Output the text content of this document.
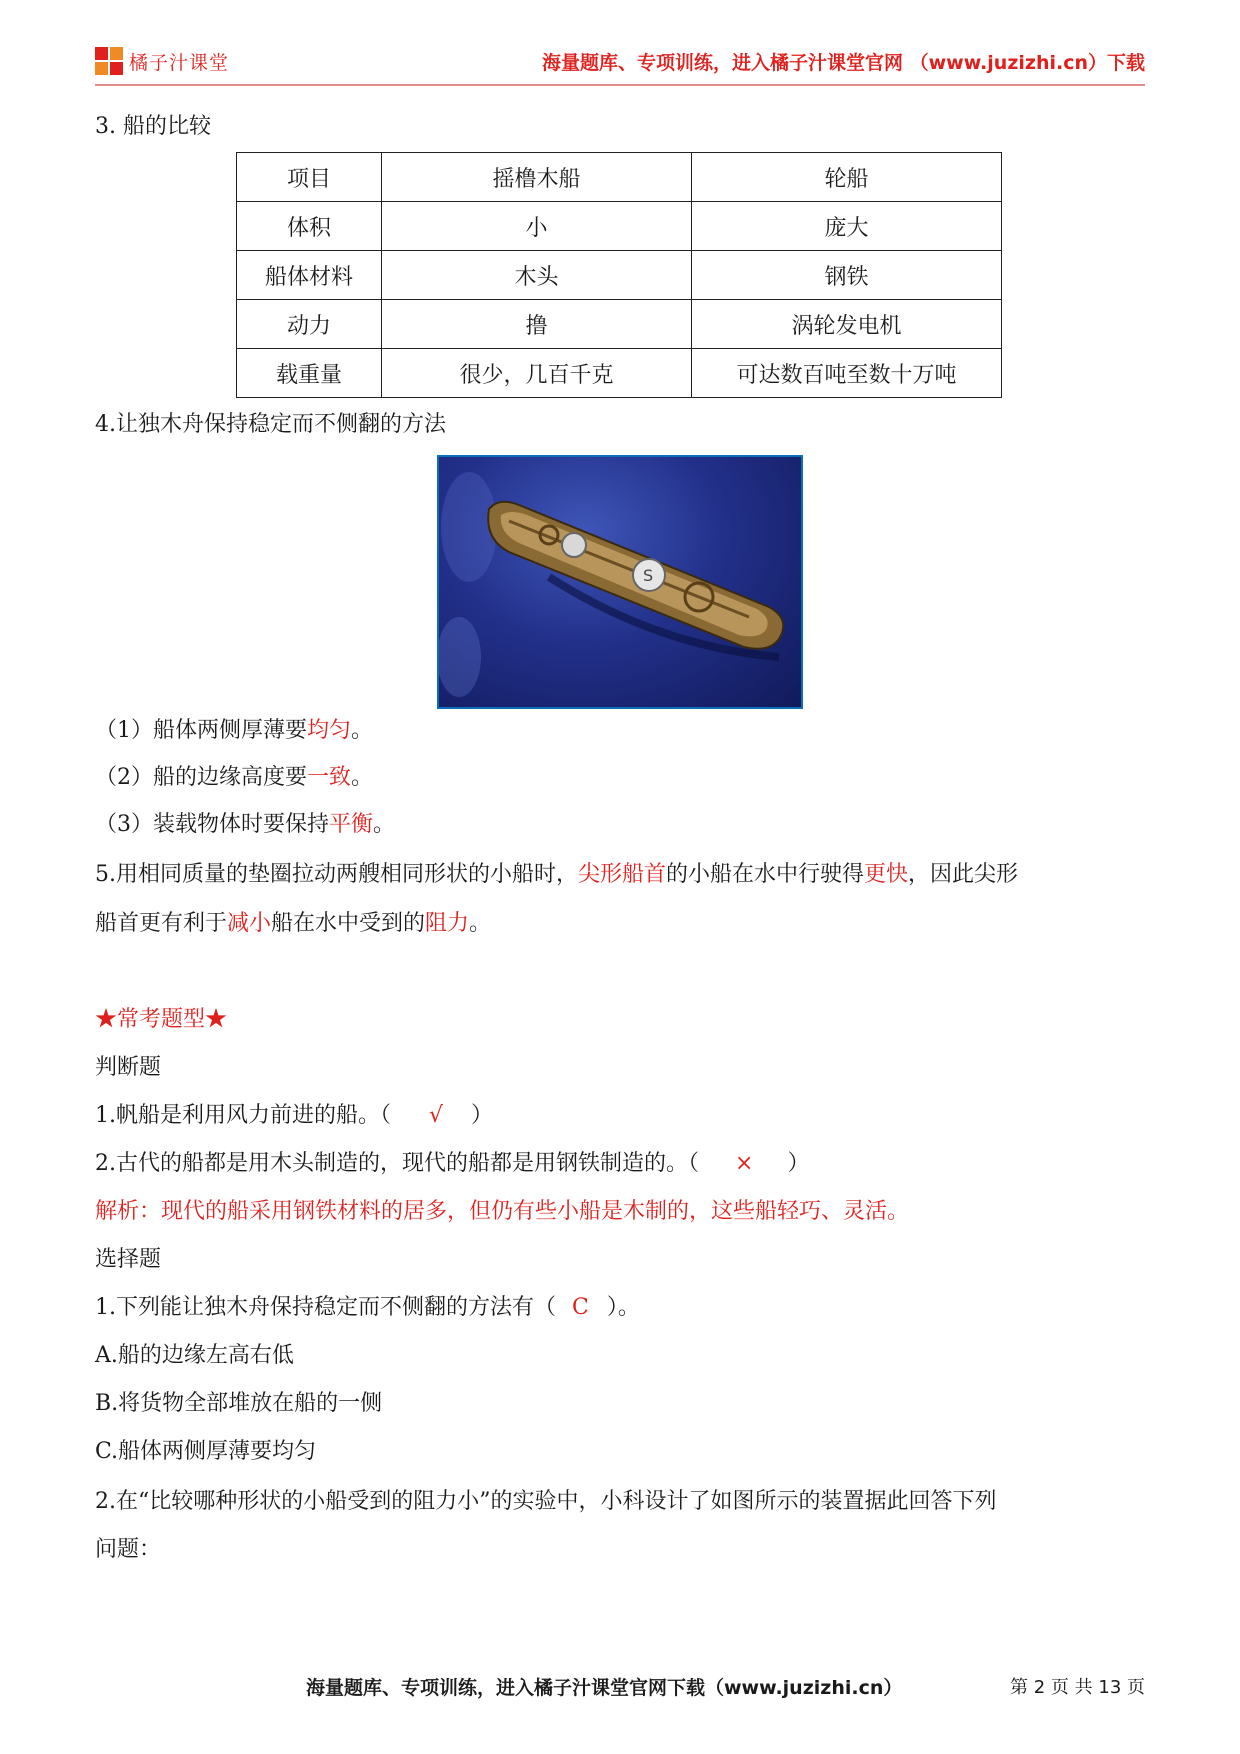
橘子汁课堂	海量题库、专项训练，进入橘子汁课堂官网 （www.juzizhi.cn）下载
3. 船的比较
项目	摇橹木船	轮船
体积	小	庞大
船体材料	木头	钢铁
动力	撸	涡轮发电机
载重量	很少，几百千克	可达数百吨至数十万吨
4.让独木舟保持稳定而不侧翻的方法
S
（1）船体两侧厚薄要均匀。
（2）船的边缘高度要一致。
（3）装载物体时要保持平衡。
5.用相同质量的垫圈拉动两艘相同形状的小船时，尖形船首的小船在水中行驶得更快，因此尖形
船首更有利于减小船在水中受到的阻力。
★常考题型★
判断题
1.帆船是利用风力前进的船。（ √ ）
2.古代的船都是用木头制造的，现代的船都是用钢铁制造的。（ × ）
解析：现代的船采用钢铁材料的居多，但仍有些小船是木制的，这些船轻巧、灵活。
选择题
1.下列能让独木舟保持稳定而不侧翻的方法有（ C ）。
A.船的边缘左高右低
B.将货物全部堆放在船的一侧
C.船体两侧厚薄要均匀
2.在“比较哪种形状的小船受到的阻力小”的实验中，小科设计了如图所示的装置据此回答下列
问题：
海量题库、专项训练，进入橘子汁课堂官网下载（www.juzizhi.cn）	第 2 页 共 13 页
